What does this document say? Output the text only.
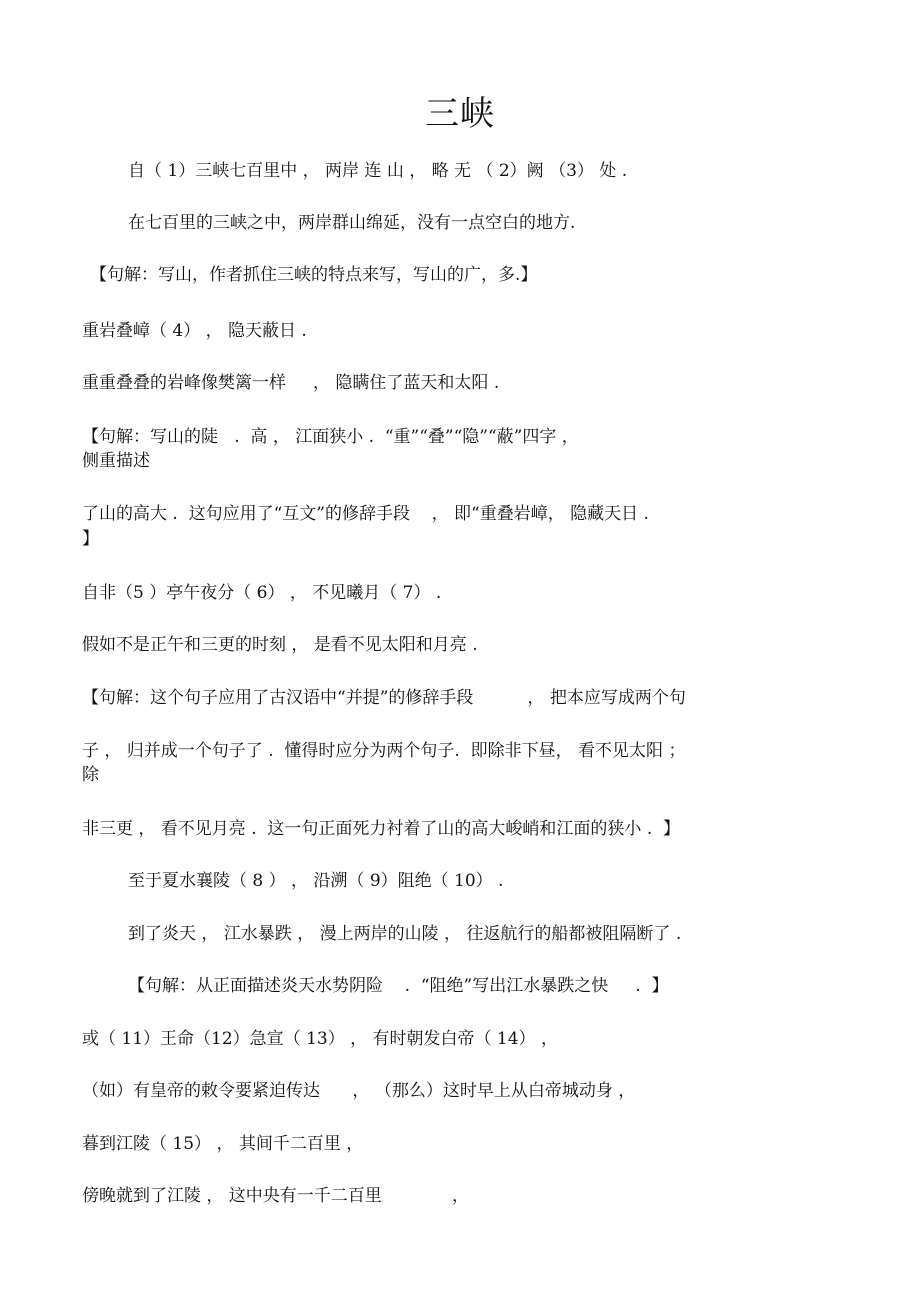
三峡
自（ 1）三峡七百里中 ， 两岸 连 山 ， 略 无 （ 2）阙 （3） 处 .
在七百里的三峡之中，两岸群山绵延，没有一点空白的地方.
【句解：写山，作者抓住三峡的特点来写，写山的广，多.】
重岩叠嶂（ 4） ， 隐天蔽日 .
重重叠叠的岩峰像樊篱一样     ， 隐瞒住了蓝天和太阳 .
【句解：写山的陡   .  高 ， 江面狭小 .  “重”“叠”“隐”“蔽”四字 ，
侧重描述
了山的高大 .  这句应用了“互文”的修辞手段    ， 即“重叠岩嶂， 隐藏天日 .
】
自非（5 ）亭午夜分（ 6） ， 不见曦月（ 7） .
假如不是正午和三更的时刻 ， 是看不见太阳和月亮 .
【句解：这个句子应用了古汉语中“并提”的修辞手段          ， 把本应写成两个句
子 ， 归并成一个句子了 .  懂得时应分为两个句子.  即除非下昼， 看不见太阳 ；
除
非三更 ， 看不见月亮 .  这一句正面死力衬着了山的高大峻峭和江面的狭小 .  】
至于夏水襄陵（ 8 ） ， 沿溯（ 9）阻绝（ 10） .
到了炎天 ， 江水暴跌 ， 漫上两岸的山陵 ， 往返航行的船都被阻隔断了 .
【句解：从正面描述炎天水势阴险    .  “阻绝”写出江水暴跌之快     .  】
或（ 11）王命（12）急宣（ 13） ， 有时朝发白帝（ 14） ，
（如）有皇帝的敕令要紧迫传达      ， （那么）这时早上从白帝城动身 ，
暮到江陵（ 15） ， 其间千二百里 ，
傍晚就到了江陵 ， 这中央有一千二百里             ，
